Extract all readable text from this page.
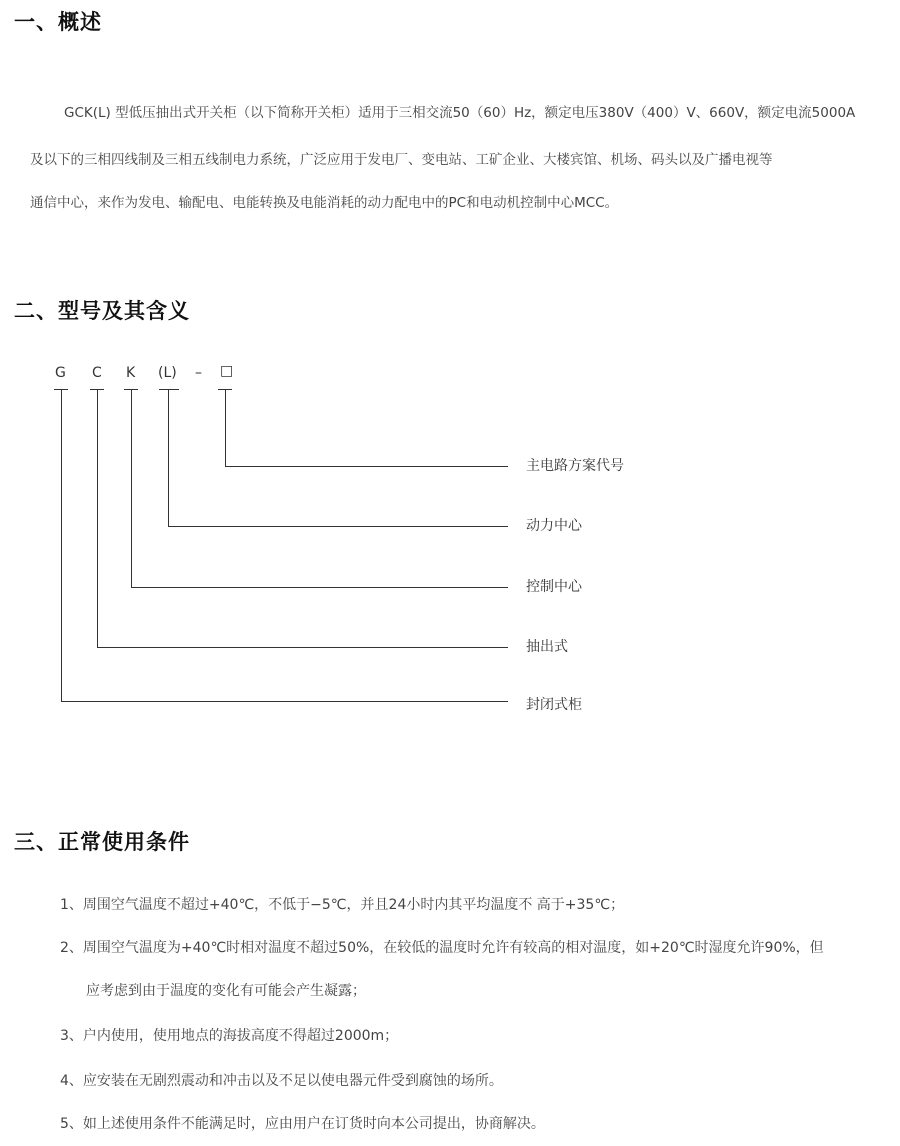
一、概述

GCK(L) 型低压抽出式开关柜（以下简称开关柜）适用于三相交流50（60）Hz，额定电压380V（400）V、660V，额定电流5000A

及以下的三相四线制及三相五线制电力系统，广泛应用于发电厂、变电站、工矿企业、大楼宾馆、机场、码头以及广播电视等

通信中心，来作为发电、输配电、电能转换及电能消耗的动力配电中的PC和电动机控制中心MCC。

二、型号及其含义
G C K (L) – □
主电路方案代号
动力中心
控制中心
抽出式
封闭式柜
三、正常使用条件

1、周围空气温度不超过+40℃，不低于−5℃，并且24小时内其平均温度不 高于+35℃；

2、周围空气温度为+40℃时相对温度不超过50%，在较低的温度时允许有较高的相对温度，如+20℃时湿度允许90%，但

应考虑到由于温度的变化有可能会产生凝露；

3、户内使用，使用地点的海拔高度不得超过2000m；

4、应安装在无剧烈震动和冲击以及不足以使电器元件受到腐蚀的场所。

5、如上述使用条件不能满足时，应由用户在订货时向本公司提出，协商解决。
